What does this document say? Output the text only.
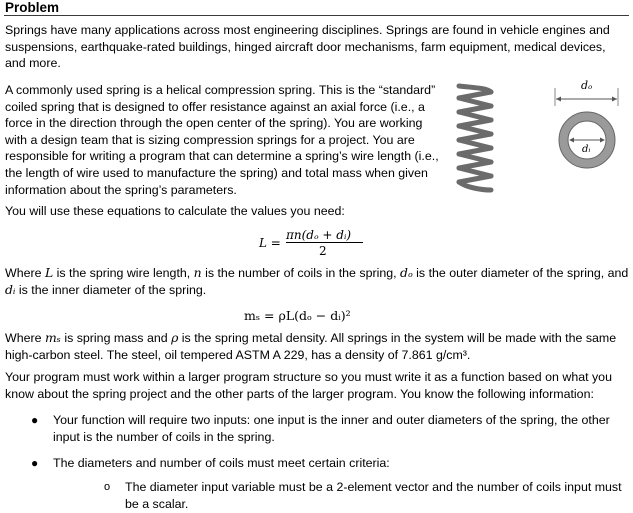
Problem
Springs have many applications across most engineering disciplines. Springs are found in vehicle engines and suspensions, earthquake-rated buildings, hinged aircraft door mechanisms, farm equipment, medical devices, and more.
A commonly used spring is a helical compression spring. This is the “standard” coiled spring that is designed to offer resistance against an axial force (i.e., a force in the direction through the open center of the spring). You are working with a design team that is sizing compression springs for a project. You are responsible for writing a program that can determine a spring’s wire length (i.e., the length of wire used to manufacture the spring) and total mass when given information about the spring’s parameters.
dₒ
dᵢ
You will use these equations to calculate the values you need:
L =
πn(dₒ + dᵢ)
2
Where L is the spring wire length, n is the number of coils in the spring, dₒ is the outer diameter of the spring, and dᵢ is the inner diameter of the spring.
mₛ = ρL(dₒ − dᵢ)²
Where mₛ is spring mass and ρ is the spring metal density. All springs in the system will be made with the same high-carbon steel. The steel, oil tempered ASTM A 229, has a density of 7.861 g/cm³.
Your program must work within a larger program structure so you must write it as a function based on what you know about the spring project and the other parts of the larger program. You know the following information:
●	Your function will require two inputs: one input is the inner and outer diameters of the spring, the other input is the number of coils in the spring.
●	The diameters and number of coils must meet certain criteria:
o	The diameter input variable must be a 2-element vector and the number of coils input must be a scalar.
